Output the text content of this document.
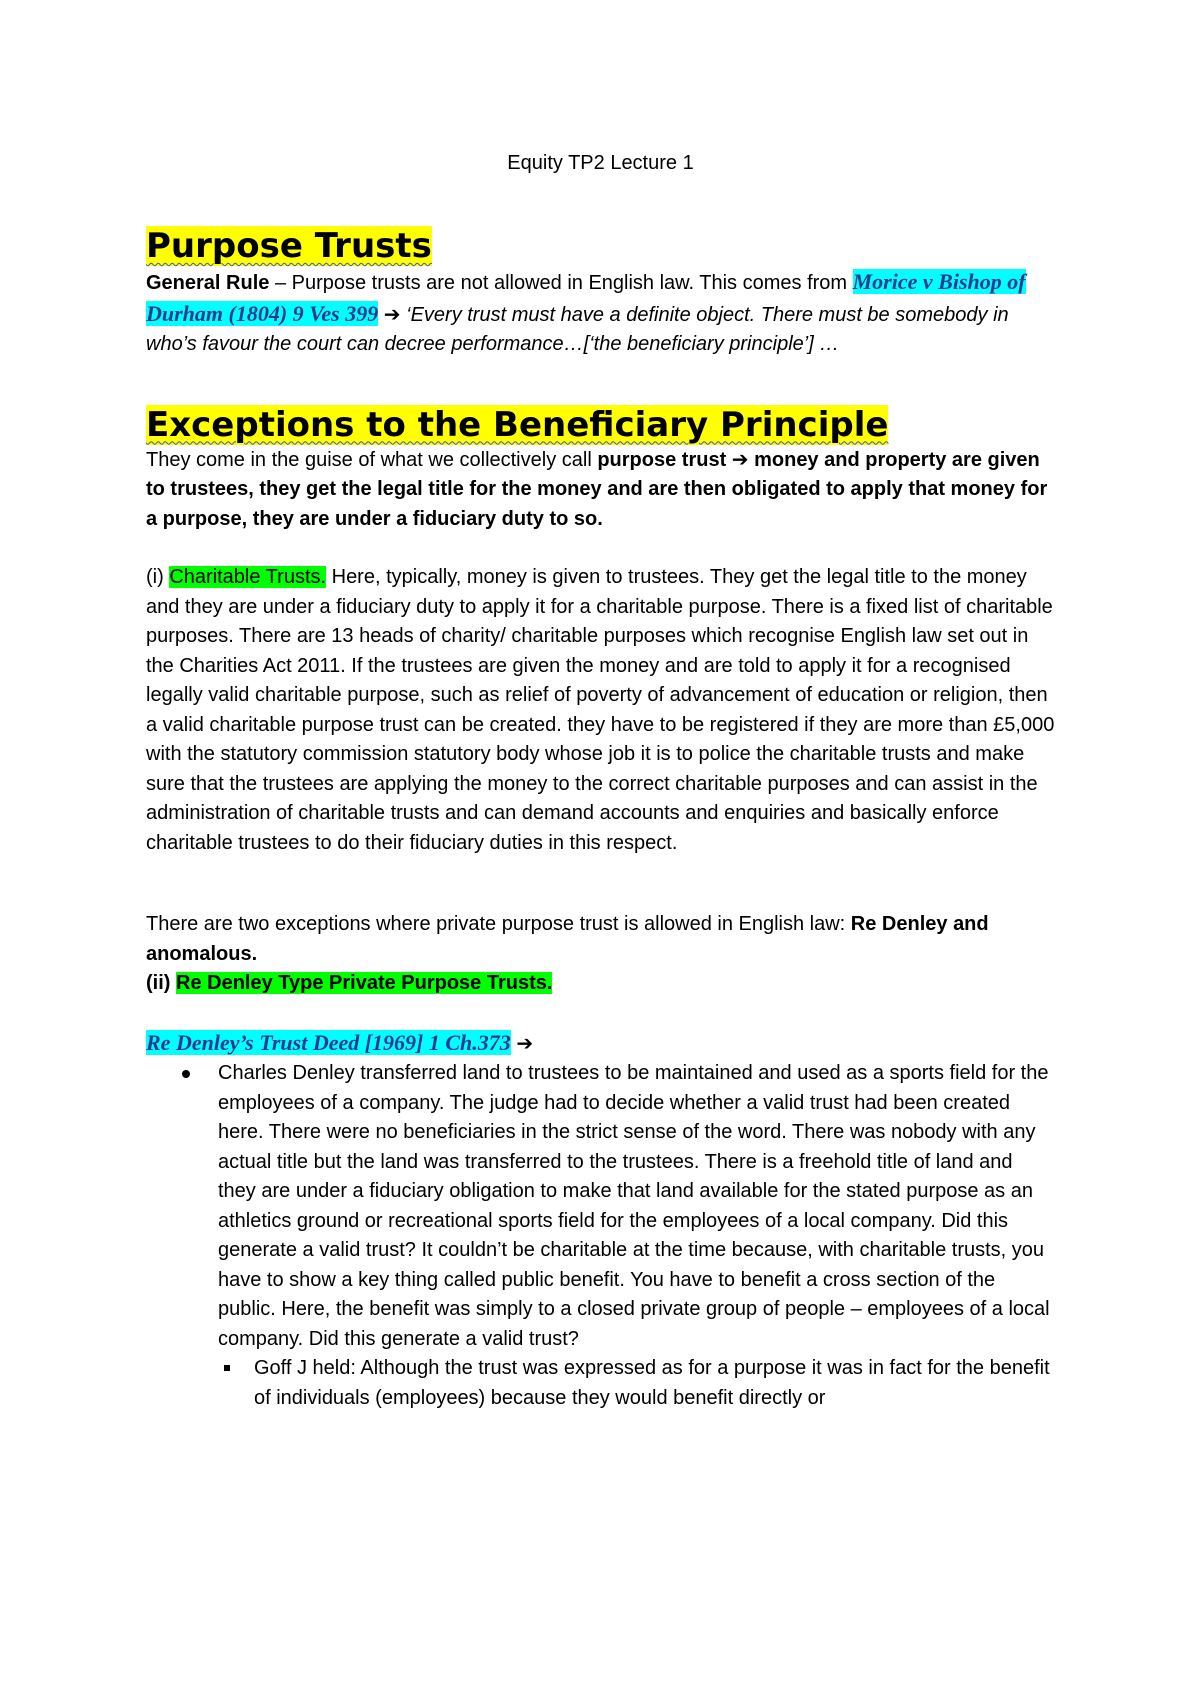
Equity TP2 Lecture 1

Purpose Trusts

General Rule – Purpose trusts are not allowed in English law. This comes from Morice v Bishop of Durham (1804) 9 Ves 399 ➔ ‘Every trust must have a definite object. There must be somebody in who’s favour the court can decree performance…[‘the beneficiary principle’] …

Exceptions to the Beneficiary Principle

They come in the guise of what we collectively call purpose trust ➔ money and property are given to trustees, they get the legal title for the money and are then obligated to apply that money for a purpose, they are under a fiduciary duty to so.

(i) Charitable Trusts. Here, typically, money is given to trustees. They get the legal title to the money and they are under a fiduciary duty to apply it for a charitable purpose. There is a fixed list of charitable purposes. There are 13 heads of charity/ charitable purposes which recognise English law set out in the Charities Act 2011. If the trustees are given the money and are told to apply it for a recognised legally valid charitable purpose, such as relief of poverty of advancement of education or religion, then a valid charitable purpose trust can be created. they have to be registered if they are more than £5,000 with the statutory commission statutory body whose job it is to police the charitable trusts and make sure that the trustees are applying the money to the correct charitable purposes and can assist in the administration of charitable trusts and can demand accounts and enquiries and basically enforce charitable trustees to do their fiduciary duties in this respect.

There are two exceptions where private purpose trust is allowed in English law: Re Denley and anomalous.

(ii) Re Denley Type Private Purpose Trusts.

Re Denley’s Trust Deed [1969] 1 Ch.373 ➔

Charles Denley transferred land to trustees to be maintained and used as a sports field for the employees of a company. The judge had to decide whether a valid trust had been created here. There were no beneficiaries in the strict sense of the word. There was nobody with any actual title but the land was transferred to the trustees. There is a freehold title of land and they are under a fiduciary obligation to make that land available for the stated purpose as an athletics ground or recreational sports field for the employees of a local company. Did this generate a valid trust? It couldn’t be charitable at the time because, with charitable trusts, you have to show a key thing called public benefit. You have to benefit a cross section of the public. Here, the benefit was simply to a closed private group of people – employees of a local company. Did this generate a valid trust?
Goff J held: Although the trust was expressed as for a purpose it was in fact for the benefit of individuals (employees) because they would benefit directly or
